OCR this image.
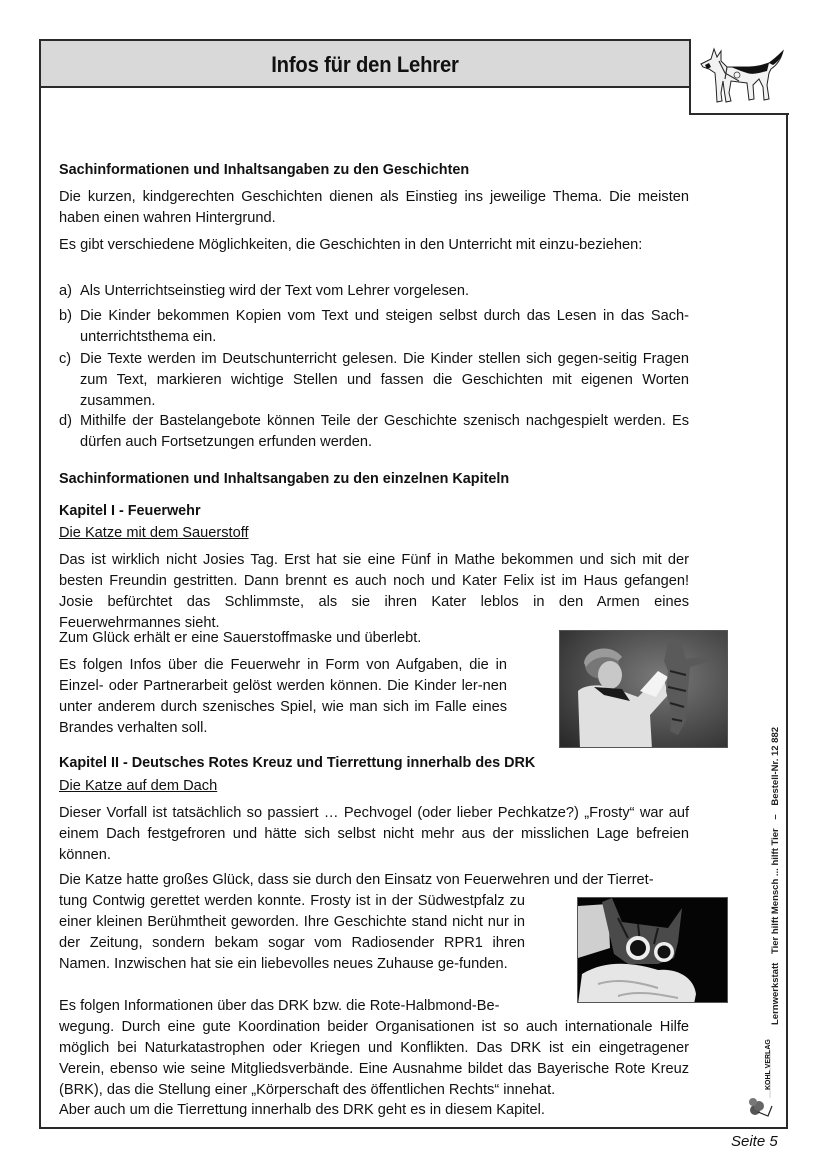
Infos für den Lehrer
Sachinformationen und Inhaltsangaben zu den Geschichten

Die kurzen, kindgerechten Geschichten dienen als Einstieg ins jeweilige Thema. Die meisten haben einen wahren Hintergrund.

Es gibt verschiedene Möglichkeiten, die Geschichten in den Unterricht mit einzu-beziehen:

a) Als Unterrichtseinstieg wird der Text vom Lehrer vorgelesen.
b) Die Kinder bekommen Kopien vom Text und steigen selbst durch das Lesen in das Sach-unterrichtsthema ein.
c) Die Texte werden im Deutschunterricht gelesen. Die Kinder stellen sich gegen-seitig Fragen zum Text, markieren wichtige Stellen und fassen die Geschichten mit eigenen Worten zusammen.
d) Mithilfe der Bastelangebote können Teile der Geschichte szenisch nachgespielt werden. Es dürfen auch Fortsetzungen erfunden werden.
Sachinformationen und Inhaltsangaben zu den einzelnen Kapiteln
Kapitel I - Feuerwehr
Die Katze mit dem Sauerstoff

Das ist wirklich nicht Josies Tag. Erst hat sie eine Fünf in Mathe bekommen und sich mit der besten Freundin gestritten. Dann brennt es auch noch und Kater Felix ist im Haus gefangen! Josie befürchtet das Schlimmste, als sie ihren Kater leblos in den Armen eines Feuerwehrmannes sieht.

Zum Glück erhält er eine Sauerstoffmaske und überlebt.

Es folgen Infos über die Feuerwehr in Form von Aufgaben, die in Einzel- oder Partnerarbeit gelöst werden können. Die Kinder ler-nen unter anderem durch szenisches Spiel, wie man sich im Falle eines Brandes verhalten soll.

Kapitel II - Deutsches Rotes Kreuz und Tierrettung innerhalb des DRK
Die Katze auf dem Dach

Dieser Vorfall ist tatsächlich so passiert … Pechvogel (oder lieber Pechkatze?) „Frosty“ war auf einem Dach festgefroren und hätte sich selbst nicht mehr aus der misslichen Lage befreien können.

Die Katze hatte großes Glück, dass sie durch den Einsatz von Feuerwehren und der Tierret-

tung Contwig gerettet werden konnte. Frosty ist in der Südwestpfalz zu einer kleinen Berühmtheit geworden. Ihre Geschichte stand nicht nur in der Zeitung, sondern bekam sogar vom Radiosender RPR1 ihren Namen. Inzwischen hat sie ein liebevolles neues Zuhause ge-funden.

Es folgen Informationen über das DRK bzw. die Rote-Halbmond-Be-

wegung. Durch eine gute Koordination beider Organisationen ist so auch internationale Hilfe möglich bei Naturkatastrophen oder Kriegen und Konflikten. Das DRK ist ein eingetragener Verein, ebenso wie seine Mitgliedsverbände. Eine Ausnahme bildet das Bayerische Rote Kreuz (BRK), das die Stellung einer „Körperschaft des öffentlichen Rechts“ innehat.

Aber auch um die Tierrettung innerhalb des DRK geht es in diesem Kapitel.

Lernwerkstatt Tier hilft Mensch ... hilft Tier – Bestell-Nr. 12 882
KOHL VERLAG
Seite 5
